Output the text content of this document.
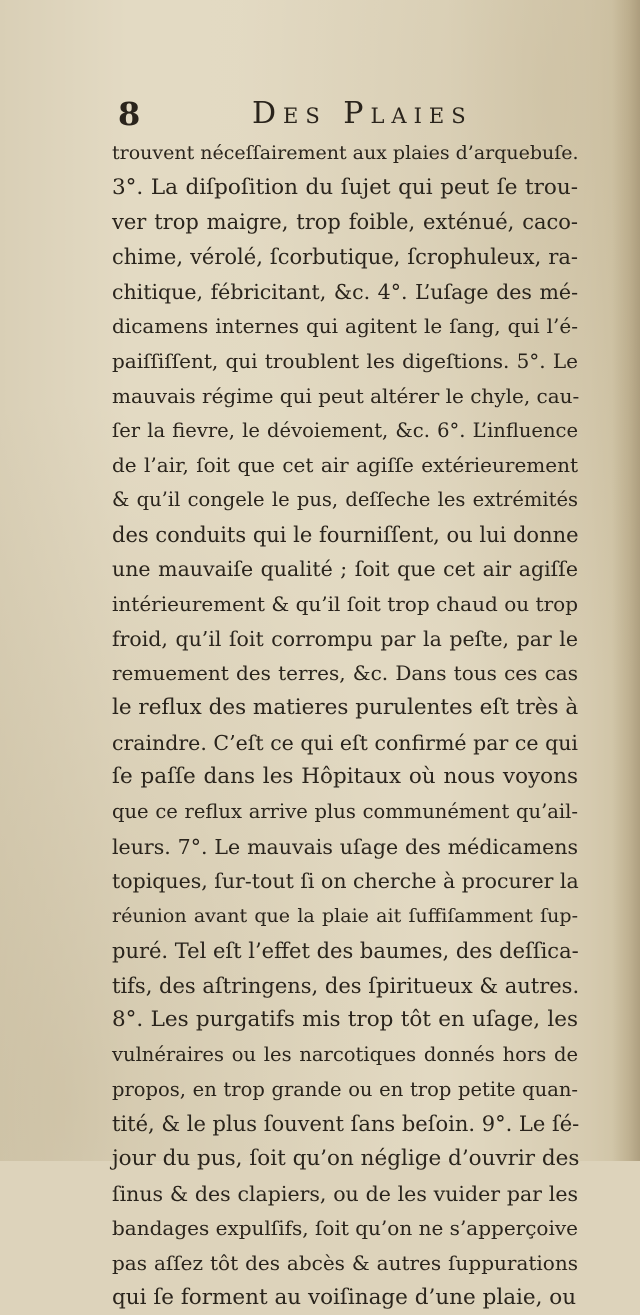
8	Des Plaies
trouvent néceſſairement aux plaies d’arquebuſe.
3°. La diſpoſition du ſujet qui peut ſe trou-
ver trop maigre, trop foible, exténué, caco-
chime, vérolé, ſcorbutique, ſcrophuleux, ra-
chitique, fébricitant, &c. 4°. L’uſage des mé-
dicamens internes qui agitent le ſang, qui l’é-
paiſſiſſent, qui troublent les digeſtions. 5°. Le
mauvais régime qui peut altérer le chyle, cau-
ſer la fievre, le dévoiement, &c. 6°. L’influence
de l’air, ſoit que cet air agiſſe extérieurement
& qu’il congele le pus, deſſeche les extrémités
des conduits qui le fourniſſent, ou lui donne
une mauvaiſe qualité ; ſoit que cet air agiſſe
intérieurement & qu’il ſoit trop chaud ou trop
froid, qu’il ſoit corrompu par la peſte, par le
remuement des terres, &c. Dans tous ces cas
le reflux des matieres purulentes eſt très à
craindre. C’eſt ce qui eſt confirmé par ce qui
ſe paſſe dans les Hôpitaux où nous voyons
que ce reflux arrive plus communément qu’ail-
leurs. 7°. Le mauvais uſage des médicamens
topiques, ſur-tout ſi on cherche à procurer la
réunion avant que la plaie ait ſuffiſamment ſup-
puré. Tel eſt l’effet des baumes, des deſſica-
tifs, des aſtringens, des ſpiritueux & autres.
8°. Les purgatifs mis trop tôt en uſage, les
vulnéraires ou les narcotiques donnés hors de
propos, en trop grande ou en trop petite quan-
tité, & le plus ſouvent ſans beſoin. 9°. Le ſé-
jour du pus, ſoit qu’on néglige d’ouvrir des
ſinus & des clapiers, ou de les vuider par les
bandages expulſifs, ſoit qu’on ne s’apperçoive
pas aſſez tôt des abcès & autres ſuppurations
qui ſe forment au voiſinage d’une plaie, ou
